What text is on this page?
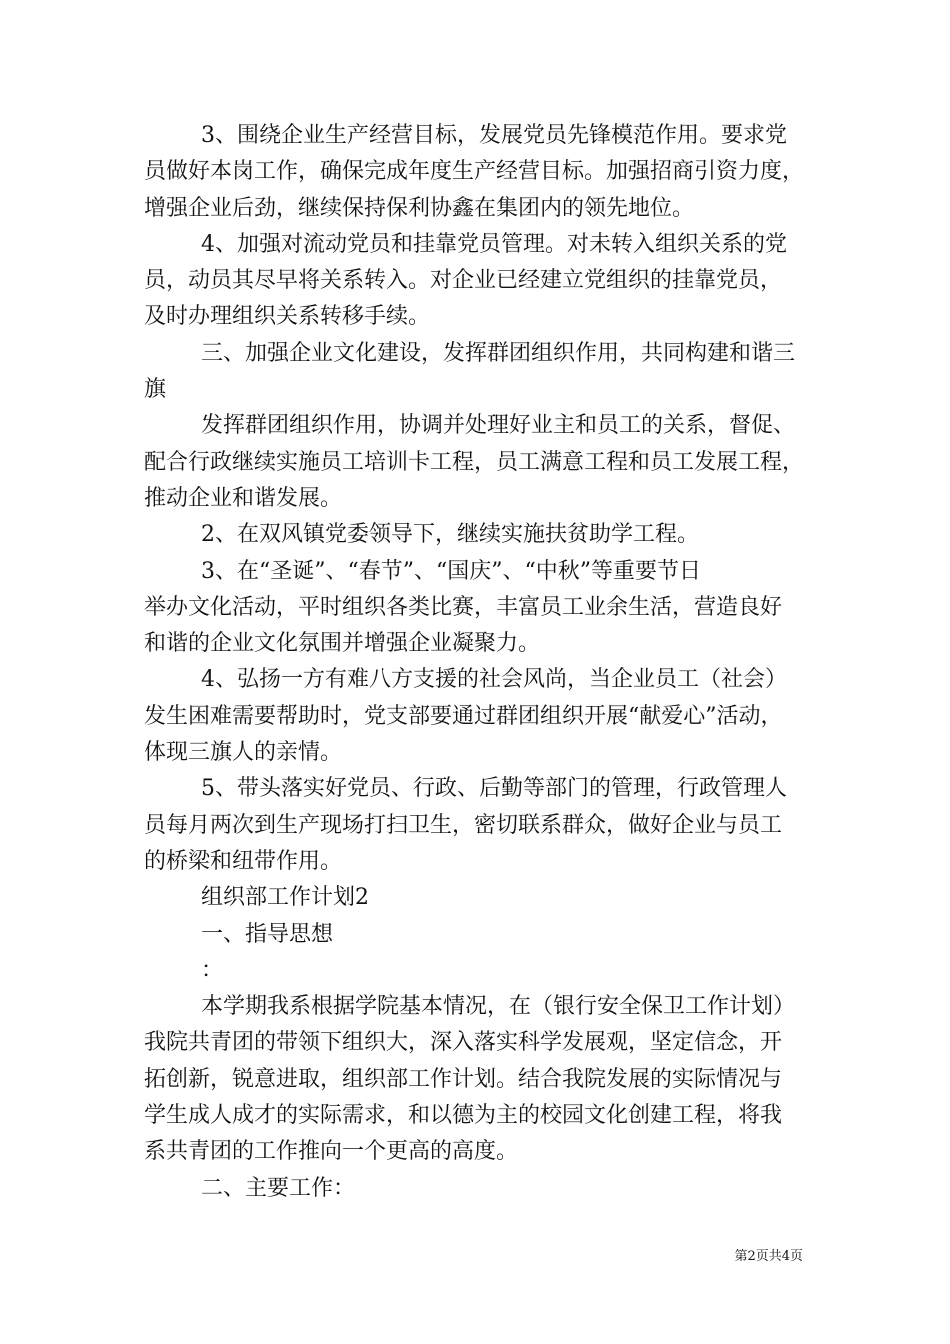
3、围绕企业生产经营目标，发展党员先锋模范作用。要求党
员做好本岗工作，确保完成年度生产经营目标。加强招商引资力度，
增强企业后劲，继续保持保利协鑫在集团内的领先地位。

4、加强对流动党员和挂靠党员管理。对未转入组织关系的党
员，动员其尽早将关系转入。对企业已经建立党组织的挂靠党员，
及时办理组织关系转移手续。

三、加强企业文化建设，发挥群团组织作用，共同构建和谐三
旗

发挥群团组织作用，协调并处理好业主和员工的关系，督促、
配合行政继续实施员工培训卡工程，员工满意工程和员工发展工程，
推动企业和谐发展。

2、在双风镇党委领导下，继续实施扶贫助学工程。

3、在“圣诞”、“春节”、“国庆”、“中秋”等重要节日
举办文化活动，平时组织各类比赛，丰富员工业余生活，营造良好
和谐的企业文化氛围并增强企业凝聚力。

4、弘扬一方有难八方支援的社会风尚，当企业员工（社会）
发生困难需要帮助时，党支部要通过群团组织开展“献爱心”活动，
体现三旗人的亲情。

5、带头落实好党员、行政、后勤等部门的管理，行政管理人
员每月两次到生产现场打扫卫生，密切联系群众，做好企业与员工
的桥梁和纽带作用。

组织部工作计划2

一、指导思想

：

本学期我系根据学院基本情况，在（银行安全保卫工作计划）
我院共青团的带领下组织大，深入落实科学发展观，坚定信念，开
拓创新，锐意进取，组织部工作计划。结合我院发展的实际情况与
学生成人成才的实际需求，和以德为主的校园文化创建工程，将我
系共青团的工作推向一个更高的高度。

二、主要工作：

第2页共4页
